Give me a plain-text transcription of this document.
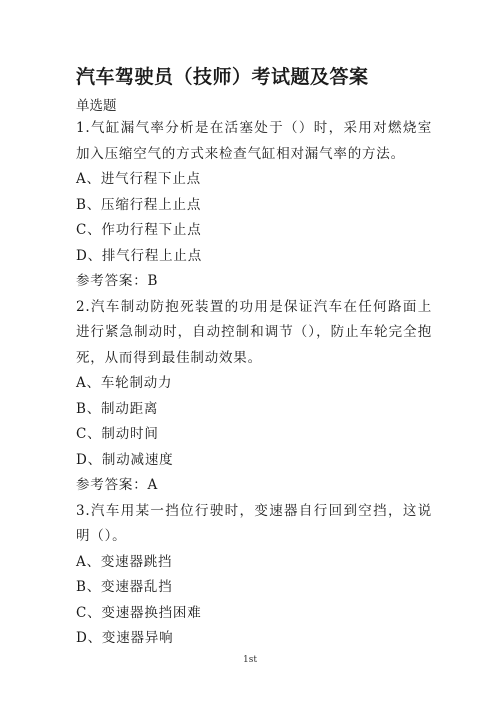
汽车驾驶员（技师）考试题及答案
单选题

1.气缸漏气率分析是在活塞处于（）时，采用对燃烧室加入压缩空气的方式来检查气缸相对漏气率的方法。

A、进气行程下止点

B、压缩行程上止点

C、作功行程下止点

D、排气行程上止点

参考答案：B

2.汽车制动防抱死装置的功用是保证汽车在任何路面上进行紧急制动时，自动控制和调节（），防止车轮完全抱死，从而得到最佳制动效果。

A、车轮制动力

B、制动距离

C、制动时间

D、制动减速度

参考答案：A

3.汽车用某一挡位行驶时，变速器自行回到空挡，这说明（）。

A、变速器跳挡

B、变速器乱挡

C、变速器换挡困难

D、变速器异响

1st
